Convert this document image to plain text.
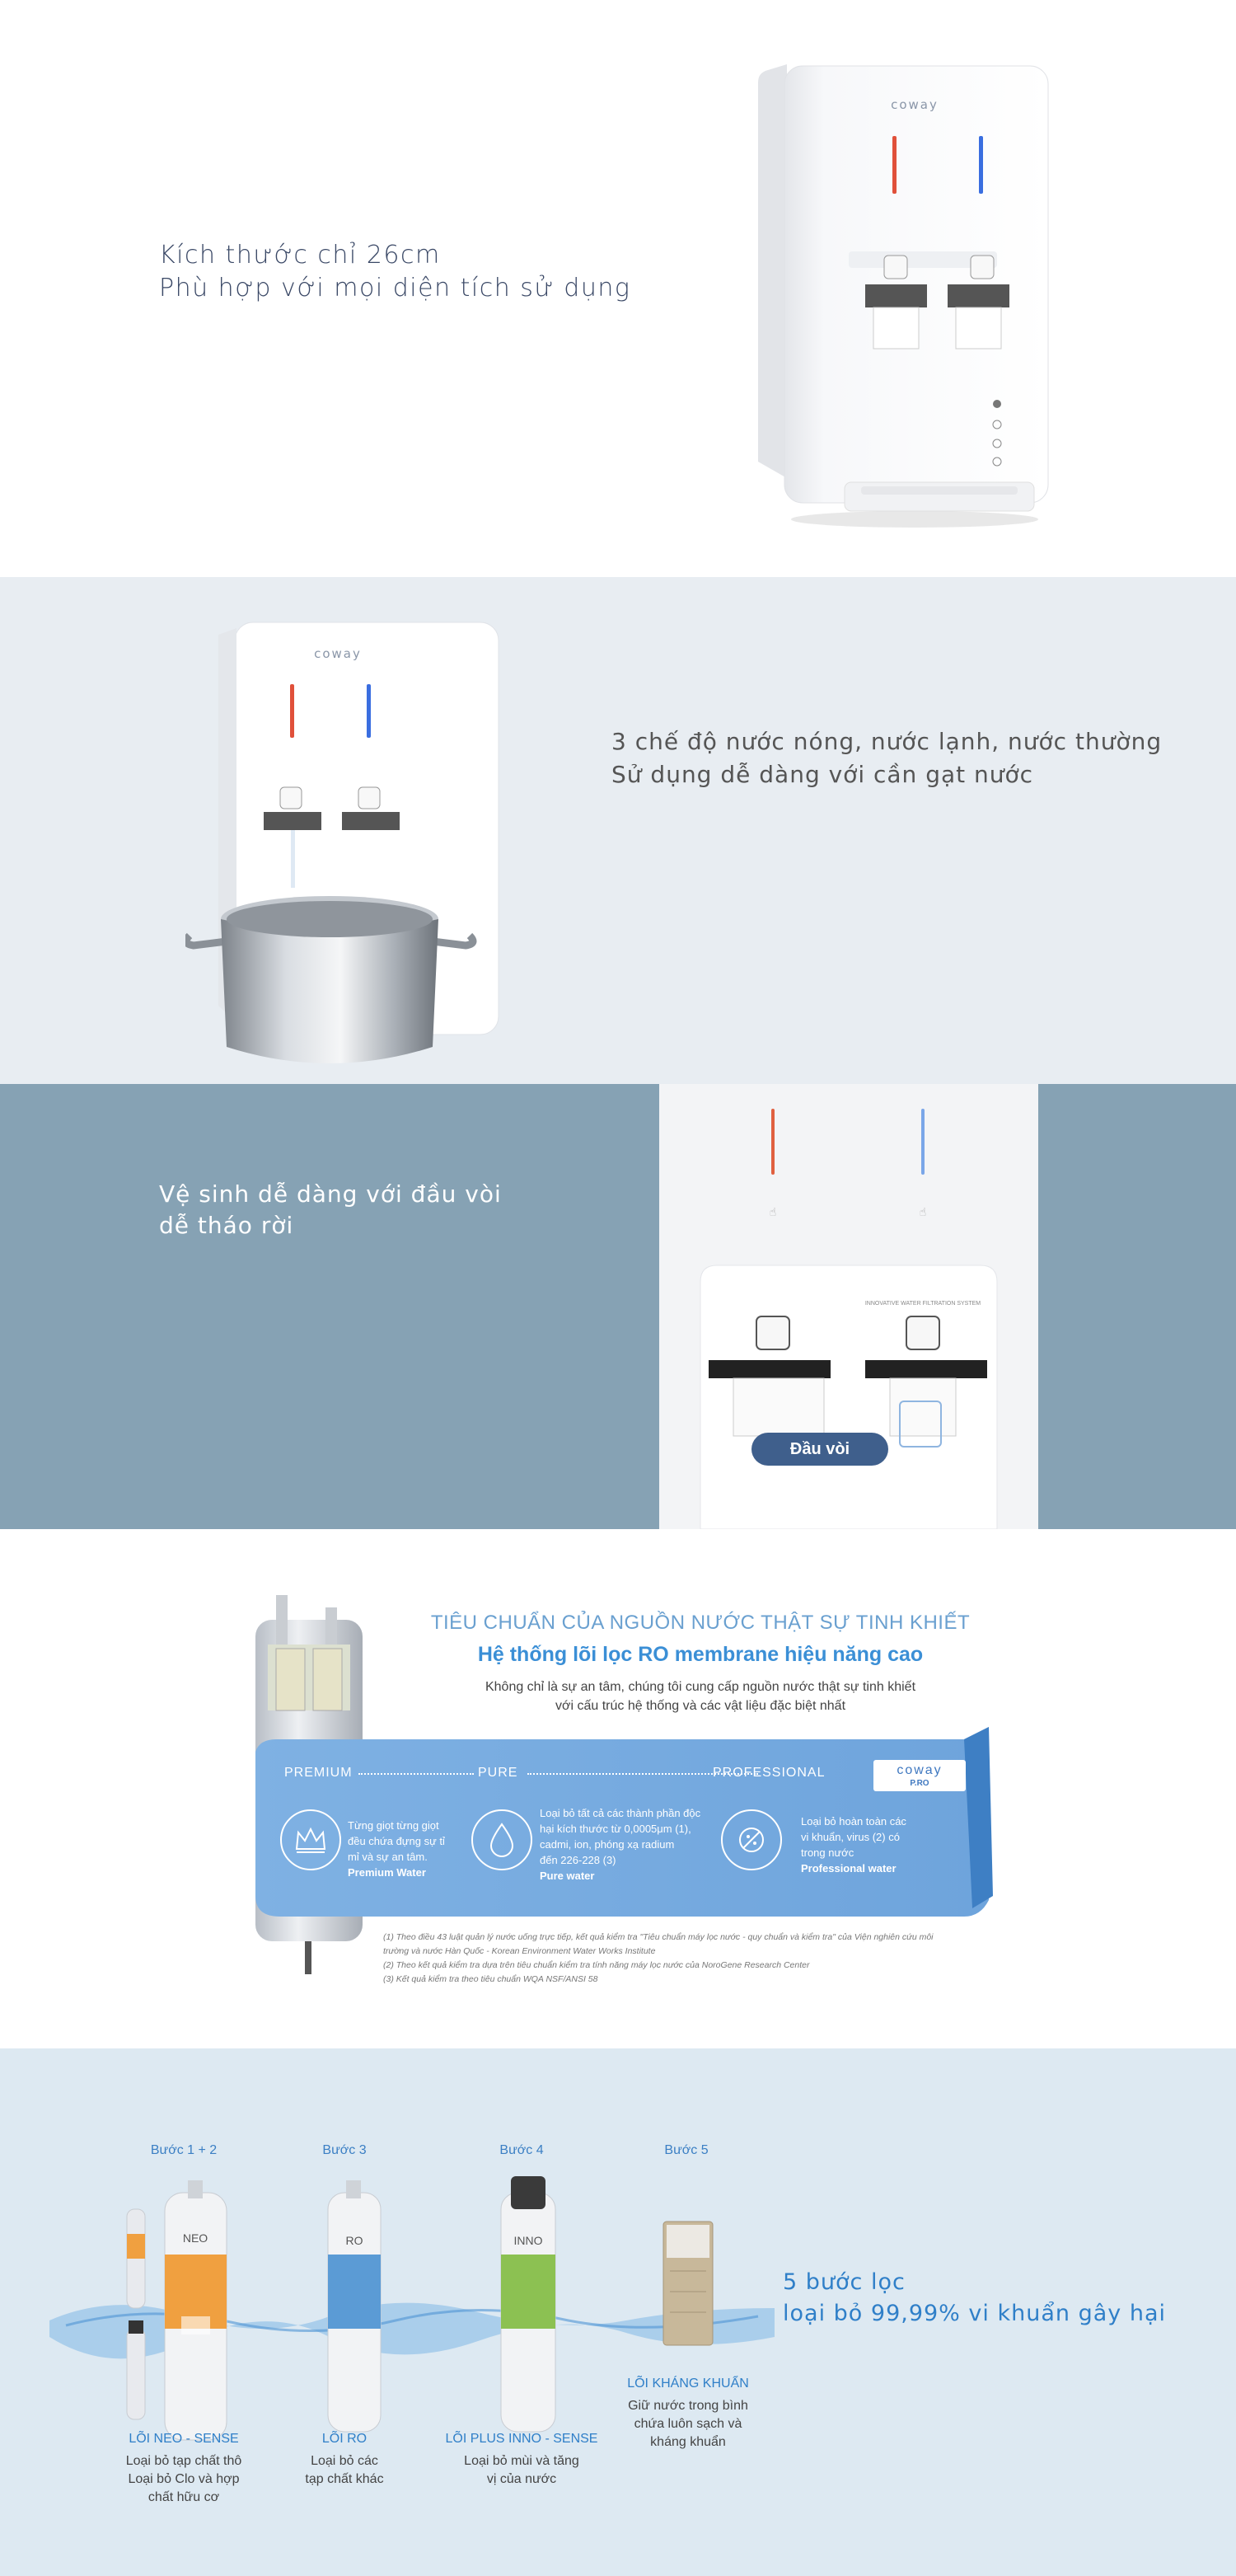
Kích thước chỉ 26cm
Phù hợp với mọi diện tích sử dụng
coway
coway
3 chế độ nước nóng, nước lạnh, nước thường
Sử dụng dễ dàng với cần gạt nước
Vệ sinh dễ dàng với đầu vòi
dễ tháo rời	☝	☝
INNOVATIVE WATER FILTRATION SYSTEM
Đầu vòi
TIÊU CHUẨN CỦA NGUỒN NƯỚC THẬT SỰ TINH KHIẾT
Hệ thống lõi lọc RO membrane hiệu năng cao
Không chỉ là sự an tâm, chúng tôi cung cấp nguồn nước thật sự tinh khiết
với cấu trúc hệ thống và các vật liệu đặc biệt nhất
PREMIUM	PURE	PROFESSIONAL	coway
P.RO
Từng giọt từng giọt
đều chứa đựng sự tỉ
mỉ và sự an tâm.
Premium Water
Loại bỏ tất cả các thành phần độc
hại kích thước từ 0,0005μm (1),
cadmi, ion, phóng xạ radium
đến 226-228 (3)
Pure water
Loại bỏ hoàn toàn các
vi khuẩn, virus (2) có
trong nước
Professional water
(1) Theo điều 43 luật quản lý nước uống trực tiếp, kết quả kiểm tra "Tiêu chuẩn máy lọc nước - quy chuẩn và kiểm tra" của Viện nghiên cứu môi
trường và nước Hàn Quốc - Korean Environment Water Works Institute
(2) Theo kết quả kiểm tra dựa trên tiêu chuẩn kiểm tra tính năng máy lọc nước của NoroGene Research Center
(3) Kết quả kiểm tra theo tiêu chuẩn WQA NSF/ANSI 58
Bước 1 + 2	Bước 3	Bước 4	Bước 5
NEO	RO	INNO
LÕI NEO - SENSE
Loại bỏ tạp chất thô
Loại bỏ Clo và hợp
chất hữu cơ
LÕI RO
Loại bỏ các
tạp chất khác
LÕI PLUS INNO - SENSE
Loại bỏ mùi và tăng
vị của nước
LÕI KHÁNG KHUẨN
Giữ nước trong bình
chứa luôn sạch và
kháng khuẩn
5 bước lọc
loại bỏ 99,99% vi khuẩn gây hại
